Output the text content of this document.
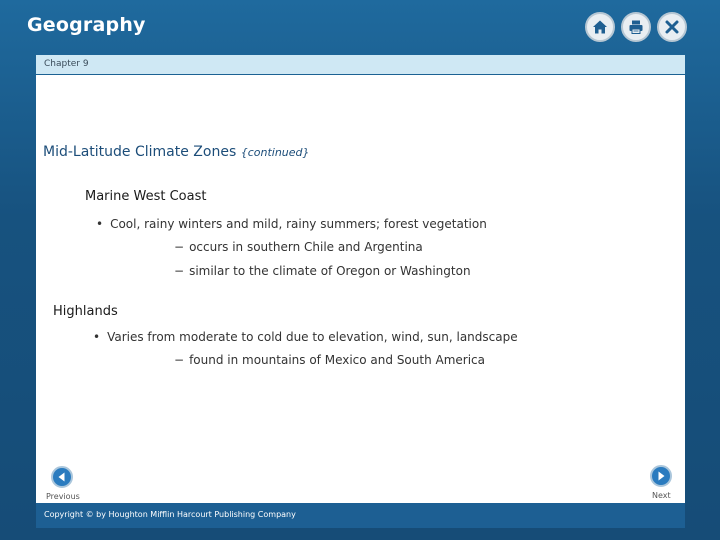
Geography
Chapter 9
Mid-Latitude Climate Zones {continued}
Marine West Coast
• Cool, rainy winters and mild, rainy summers; forest vegetation
− occurs in southern Chile and Argentina
− similar to the climate of Oregon or Washington
Highlands
• Varies from moderate to cold due to elevation, wind, sun, landscape
− found in mountains of Mexico and South America
Previous	Next
Copyright © by Houghton Mifflin Harcourt Publishing Company
